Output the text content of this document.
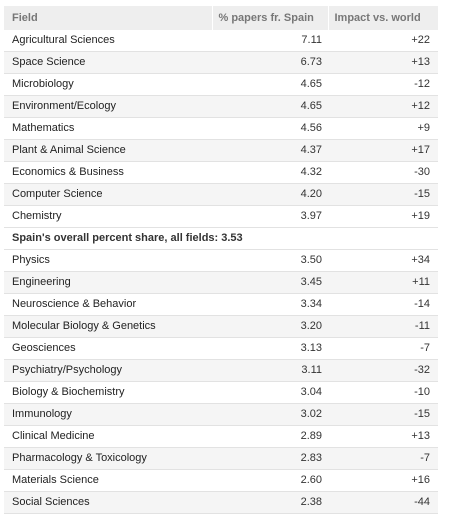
Field	% papers fr. Spain	Impact vs. world

Agricultural Sciences	7.11	+22
Space Science	6.73	+13
Microbiology	4.65	-12
Environment/Ecology	4.65	+12
Mathematics	4.56	+9
Plant & Animal Science	4.37	+17
Economics & Business	4.32	-30
Computer Science	4.20	-15
Chemistry	3.97	+19
Spain's overall percent share, all fields: 3.53		
Physics	3.50	+34
Engineering	3.45	+11
Neuroscience & Behavior	3.34	-14
Molecular Biology & Genetics	3.20	-11
Geosciences	3.13	-7
Psychiatry/Psychology	3.11	-32
Biology & Biochemistry	3.04	-10
Immunology	3.02	-15
Clinical Medicine	2.89	+13
Pharmacology & Toxicology	2.83	-7
Materials Science	2.60	+16
Social Sciences	2.38	-44
